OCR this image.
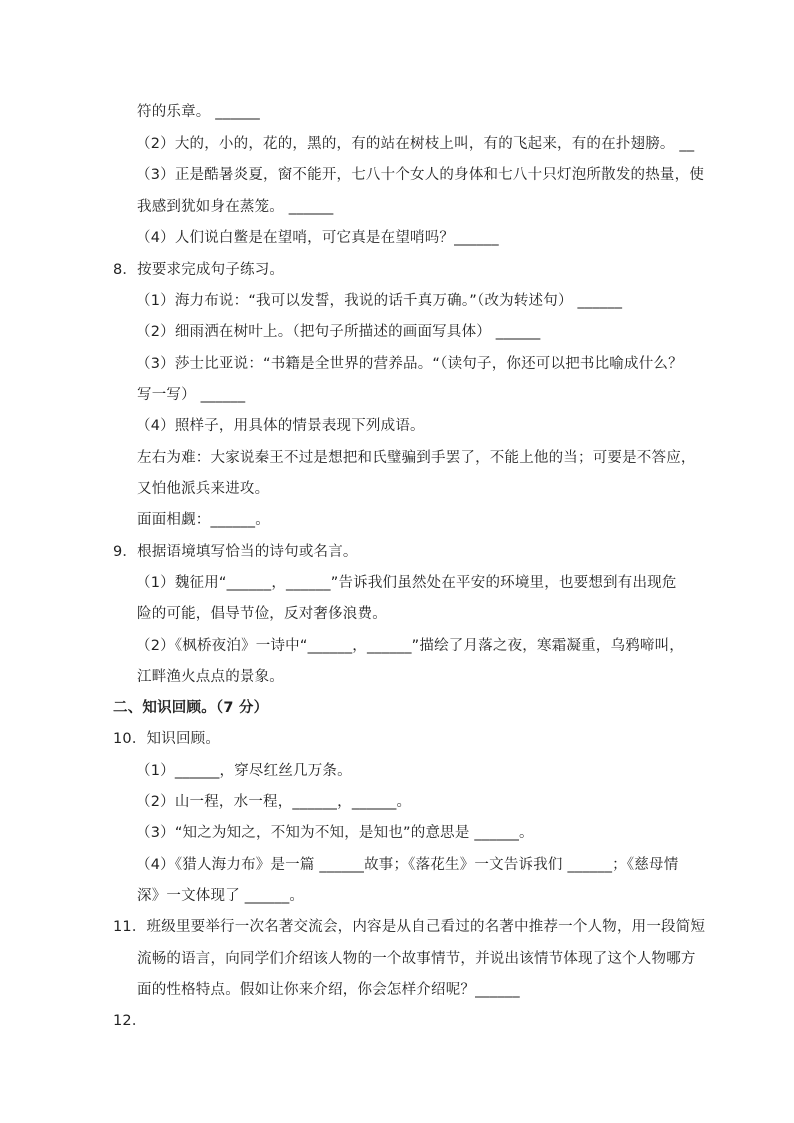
符的乐章。 ______
（2）大的，小的，花的，黑的，有的站在树枝上叫，有的飞起来，有的在扑翅膀。 __
（3）正是酷暑炎夏，窗不能开，七八十个女人的身体和七八十只灯泡所散发的热量，使
我感到犹如身在蒸笼。 ______
（4）人们说白鳖是在望哨，可它真是在望哨吗？______
8．按要求完成句子练习。
（1）海力布说：“我可以发誓，我说的话千真万确。”（改为转述句） ______
（2）细雨洒在树叶上。（把句子所描述的画面写具体） ______
（3）莎士比亚说：“书籍是全世界的营养品。“（读句子，你还可以把书比喻成什么？
写一写） ______
（4）照样子，用具体的情景表现下列成语。
左右为难：大家说秦王不过是想把和氏璧骗到手罢了，不能上他的当；可要是不答应，
又怕他派兵来进攻。
面面相觑：______。
9．根据语境填写恰当的诗句或名言。
（1）魏征用“______，______”告诉我们虽然处在平安的环境里，也要想到有出现危
险的可能，倡导节俭，反对奢侈浪费。
（2）《枫桥夜泊》一诗中“______，______”描绘了月落之夜，寒霜凝重，乌鸦啼叫，
江畔渔火点点的景象。
二、知识回顾。（7 分）
10．知识回顾。
（1）______，穿尽红丝几万条。
（2）山一程，水一程，______，______。
（3）“知之为知之，不知为不知，是知也”的意思是 ______。
（4）《猎人海力布》是一篇 ______故事；《落花生》一文告诉我们 ______；《慈母情
深》一文体现了 ______。
11．班级里要举行一次名著交流会，内容是从自己看过的名著中推荐一个人物，用一段简短
流畅的语言，向同学们介绍该人物的一个故事情节，并说出该情节体现了这个人物哪方
面的性格特点。假如让你来介绍，你会怎样介绍呢？______
12．
